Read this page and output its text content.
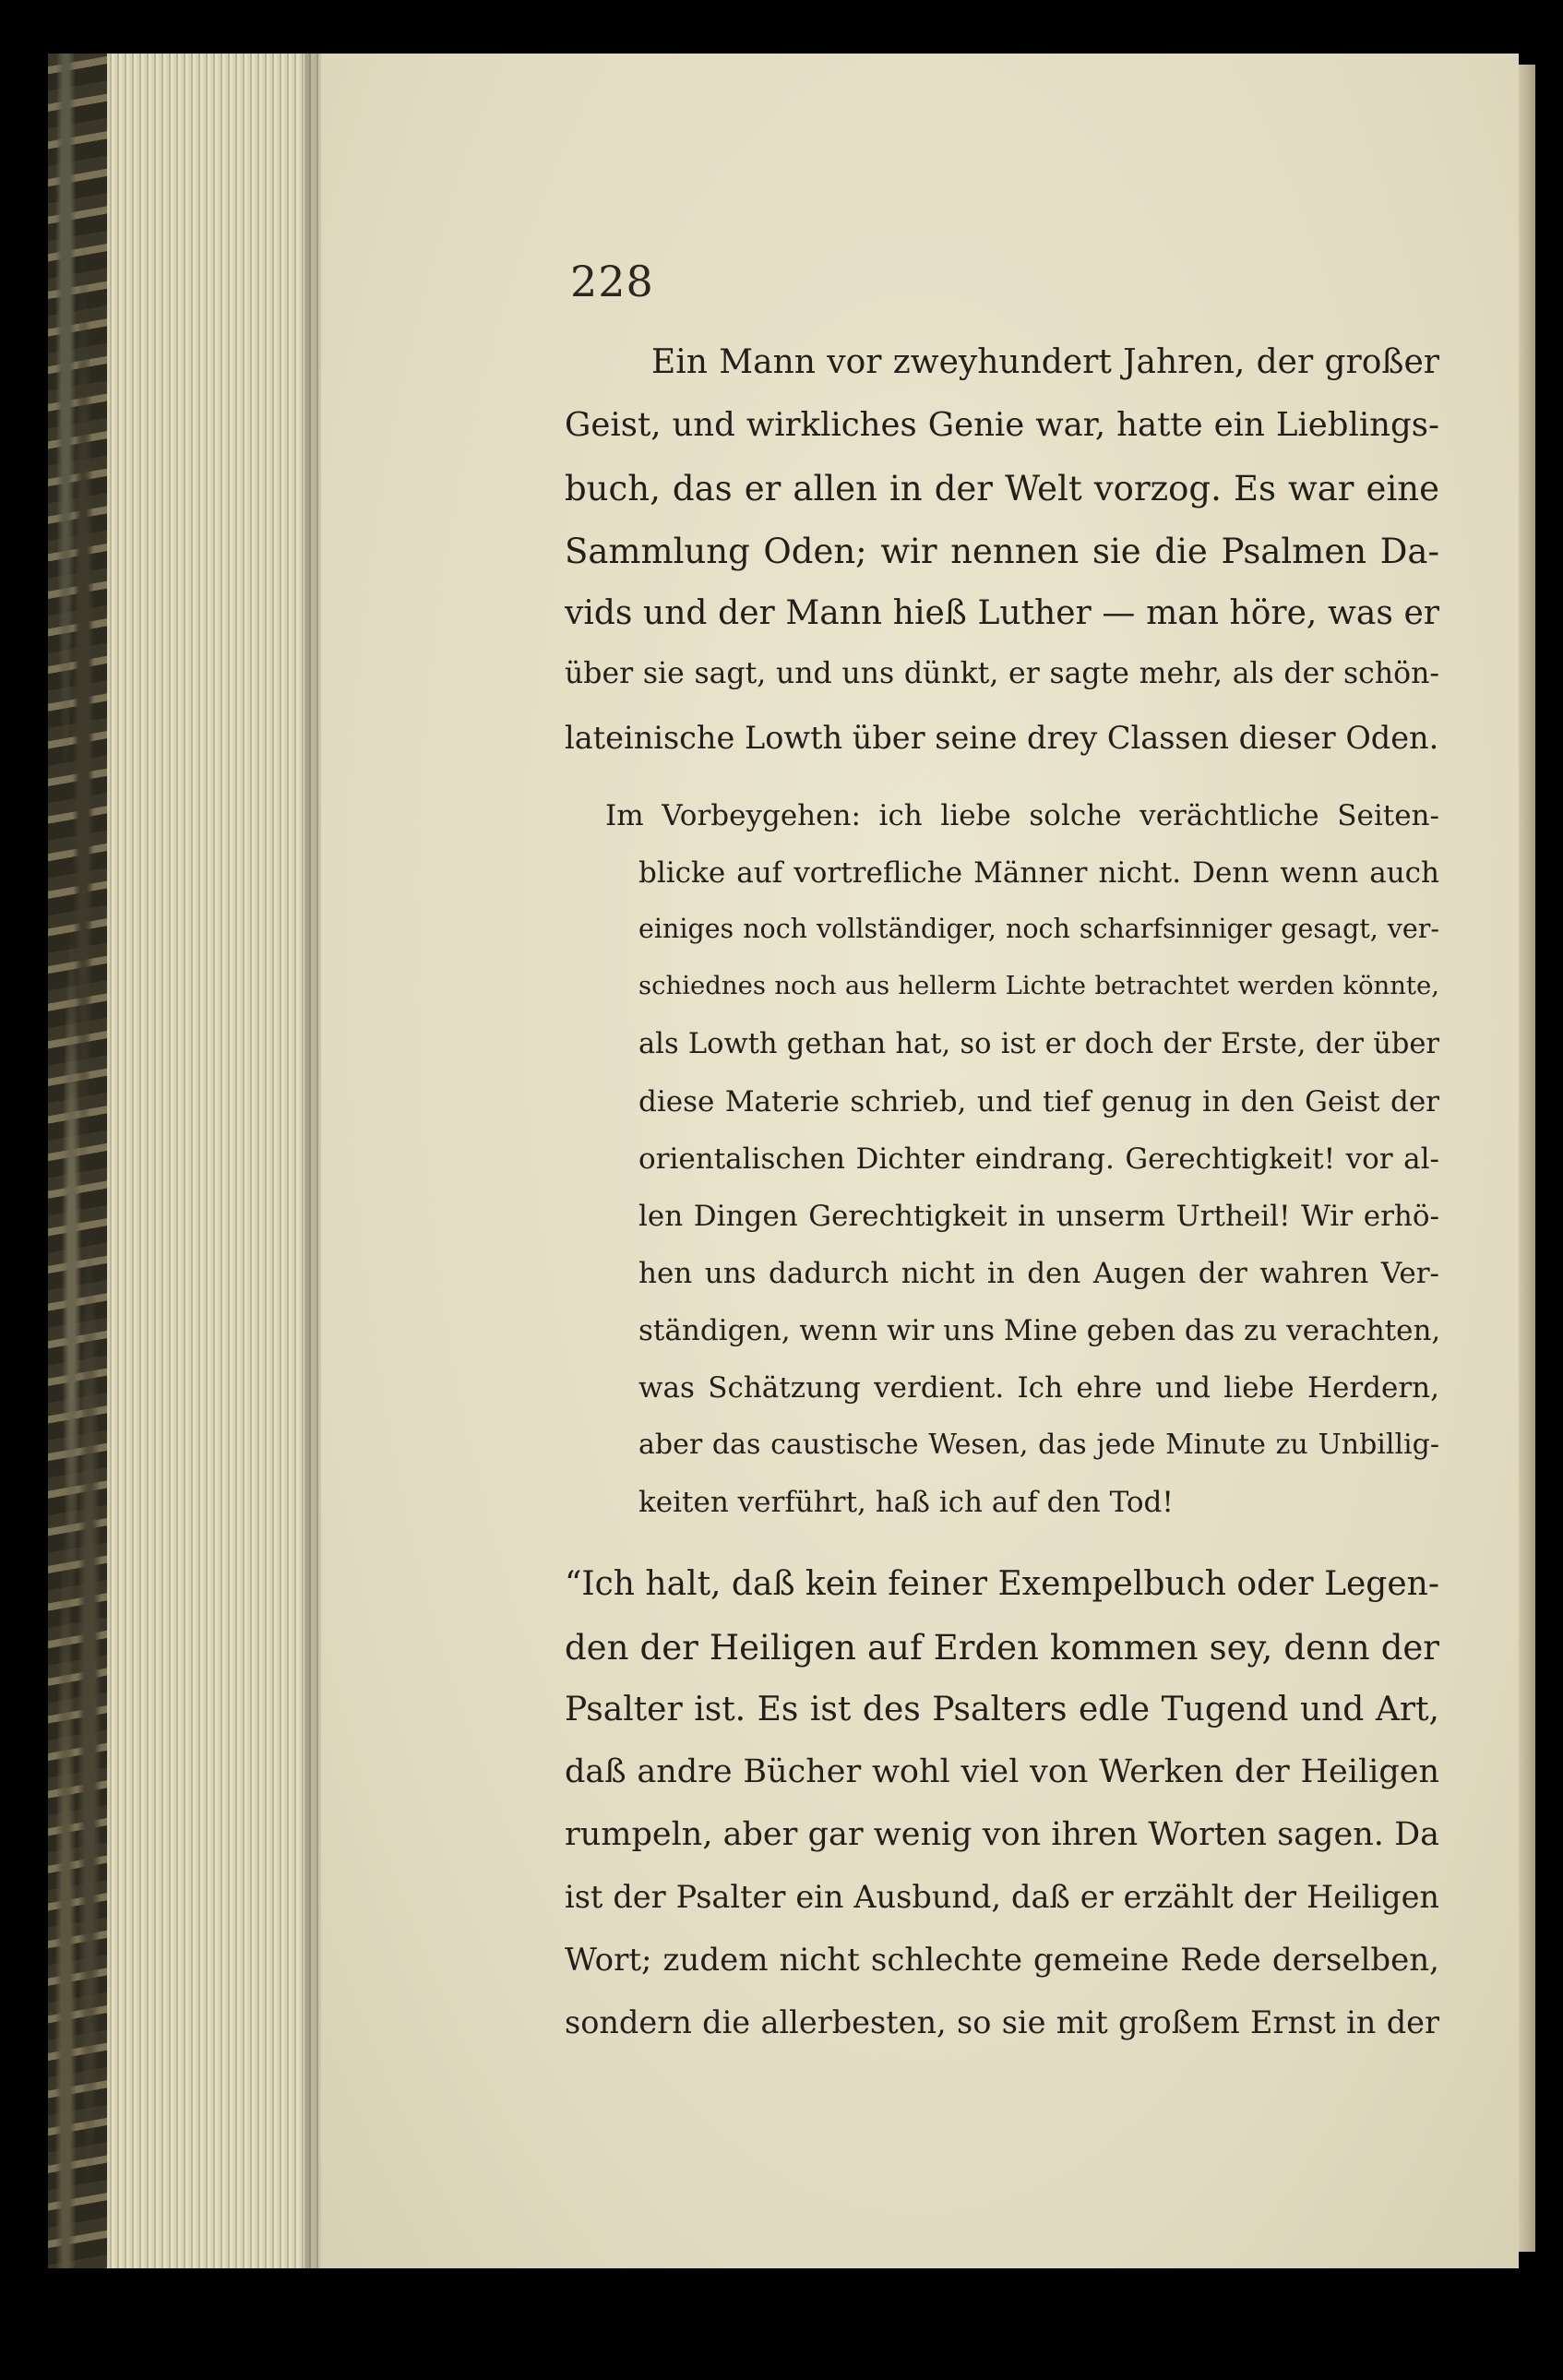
228
Ein Mann vor zweyhundert Jahren, der großer
Geist, und wirkliches Genie war, hatte ein Lieblings-
buch, das er allen in der Welt vorzog. Es war eine
Sammlung Oden; wir nennen sie die Psalmen Da-
vids und der Mann hieß Luther — man höre, was er
über sie sagt, und uns dünkt, er sagte mehr, als der schön-
lateinische Lowth über seine drey Classen dieser Oden.
Im Vorbeygehen: ich liebe solche verächtliche Seiten-
blicke auf vortrefliche Männer nicht. Denn wenn auch
einiges noch vollständiger, noch scharfsinniger gesagt, ver-
schiednes noch aus hellerm Lichte betrachtet werden könnte,
als Lowth gethan hat, so ist er doch der Erste, der über
diese Materie schrieb, und tief genug in den Geist der
orientalischen Dichter eindrang. Gerechtigkeit! vor al-
len Dingen Gerechtigkeit in unserm Urtheil! Wir erhö-
hen uns dadurch nicht in den Augen der wahren Ver-
ständigen, wenn wir uns Mine geben das zu verachten,
was Schätzung verdient. Ich ehre und liebe Herdern,
aber das caustische Wesen, das jede Minute zu Unbillig-
keiten verführt, haß ich auf den Tod!
“Ich halt, daß kein feiner Exempelbuch oder Legen-
den der Heiligen auf Erden kommen sey, denn der
Psalter ist. Es ist des Psalters edle Tugend und Art,
daß andre Bücher wohl viel von Werken der Heiligen
rumpeln, aber gar wenig von ihren Worten sagen. Da
ist der Psalter ein Ausbund, daß er erzählt der Heiligen
Wort; zudem nicht schlechte gemeine Rede derselben,
sondern die allerbesten, so sie mit großem Ernst in der
